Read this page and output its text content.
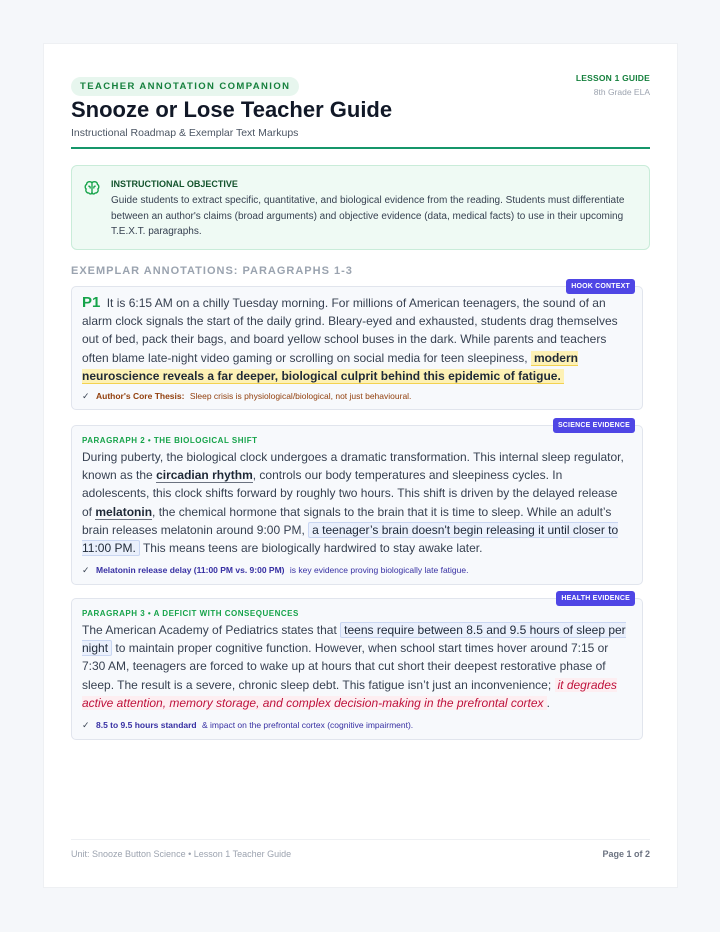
TEACHER ANNOTATION COMPANION
LESSON 1 GUIDE
8th Grade ELA
Snooze or Lose Teacher Guide
Instructional Roadmap & Exemplar Text Markups
INSTRUCTIONAL OBJECTIVE
Guide students to extract specific, quantitative, and biological evidence from the reading. Students must differentiate between an author's claims (broad arguments) and objective evidence (data, medical facts) to use in their upcoming T.E.X.T. paragraphs.
EXEMPLAR ANNOTATIONS: PARAGRAPHS 1-3
HOOK CONTEXT
P1 It is 6:15 AM on a chilly Tuesday morning. For millions of American teenagers, the sound of an alarm clock signals the start of the daily grind. Bleary-eyed and exhausted, students drag themselves out of bed, pack their bags, and board yellow school buses in the dark. While parents and teachers often blame late-night video gaming or scrolling on social media for teen sleepiness, modern neuroscience reveals a far deeper, biological culprit behind this epidemic of fatigue.
✓ Author's Core Thesis: Sleep crisis is physiological/biological, not just behavioural.
SCIENCE EVIDENCE
PARAGRAPH 2 • THE BIOLOGICAL SHIFT
During puberty, the biological clock undergoes a dramatic transformation. This internal sleep regulator, known as the circadian rhythm, controls our body temperatures and sleepiness cycles. In adolescents, this clock shifts forward by roughly two hours. This shift is driven by the delayed release of melatonin, the chemical hormone that signals to the brain that it is time to sleep. While an adult’s brain releases melatonin around 9:00 PM, a teenager’s brain doesn't begin releasing it until closer to 11:00 PM. This means teens are biologically hardwired to stay awake later.
✓ Melatonin release delay (11:00 PM vs. 9:00 PM) is key evidence proving biologically late fatigue.
HEALTH EVIDENCE
PARAGRAPH 3 • A DEFICIT WITH CONSEQUENCES
The American Academy of Pediatrics states that teens require between 8.5 and 9.5 hours of sleep per night to maintain proper cognitive function. However, when school start times hover around 7:15 or 7:30 AM, teenagers are forced to wake up at hours that cut short their deepest restorative phase of sleep. The result is a severe, chronic sleep debt. This fatigue isn’t just an inconvenience; it degrades active attention, memory storage, and complex decision-making in the prefrontal cortex .
✓ 8.5 to 9.5 hours standard & impact on the prefrontal cortex (cognitive impairment).
Unit: Snooze Button Science • Lesson 1 Teacher Guide	Page 1 of 2
